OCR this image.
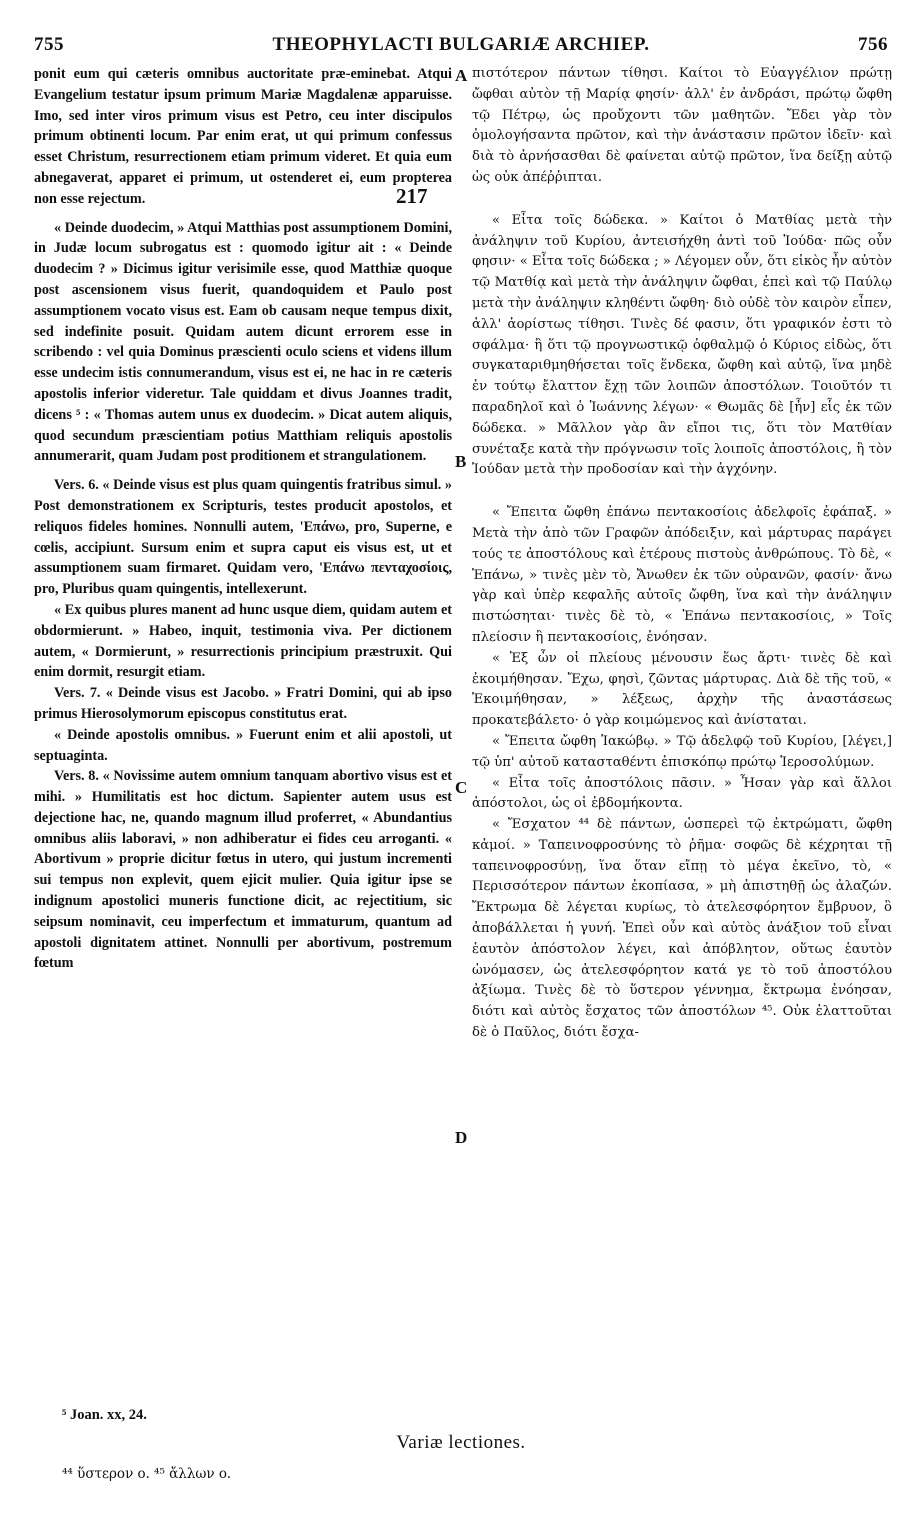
755	THEOPHYLACTI BULGARIÆ ARCHIEP.	756

ponit eum qui cæteris omnibus auctoritate præ-eminebat. Atqui Evangelium testatur ipsum primum Mariæ Magdalenæ apparuisse. Imo, sed inter viros primum visus est Petro, ceu inter discipulos primum obtinenti locum. Par enim erat, ut qui primum confessus esset Christum, resurrectionem etiam primum videret. Et quia eum abnegaverat, apparet ei primum, ut ostenderet ei, eum propterea non esse rejectum.

« Deinde duodecim, » Atqui Matthias post assumptionem Domini, in Judæ locum subrogatus est : quomodo igitur ait : « Deinde duodecim ? » Dicimus igitur verisimile esse, quod Matthiæ quoque post ascensionem visus fuerit, quandoquidem et Paulo post assumptionem vocato visus est. Eam ob causam neque tempus dixit, sed indefinite posuit. Quidam autem dicunt errorem esse in scribendo : vel quia Dominus præscienti oculo sciens et videns illum esse undecim istis connumerandum, visus est ei, ne hac in re cæteris apostolis inferior videretur. Tale quiddam et divus Joannes tradit, dicens ⁵ : « Thomas autem unus ex duodecim. » Dicat autem aliquis, quod secundum præscientiam potius Matthiam reliquis apostolis annumerarit, quam Judam post proditionem et strangulationem.

Vers. 6. « Deinde visus est plus quam quingentis fratribus simul. » Post demonstrationem ex Scripturis, testes producit apostolos, et reliquos fideles homines. Nonnulli autem, 'Επάνω, pro, Superne, e cœlis, accipiunt. Sursum enim et supra caput eis visus est, ut et assumptionem suam firmaret. Quidam vero, 'Επάνω πενταχοσίοις, pro, Pluribus quam quingentis, intellexerunt.

« Ex quibus plures manent ad hunc usque diem, quidam autem et obdormierunt. » Habeo, inquit, testimonia viva. Per dictionem autem, « Dormierunt, » resurrectionis principium præstruxit. Qui enim dormit, resurgit etiam.

Vers. 7. « Deinde visus est Jacobo. » Fratri Domini, qui ab ipso primus Hierosolymorum episcopus constitutus erat.

« Deinde apostolis omnibus. » Fuerunt enim et alii apostoli, ut septuaginta.

Vers. 8. « Novissime autem omnium tanquam abortivo visus est et mihi. » Humilitatis est hoc dictum. Sapienter autem usus est dejectione hac, ne, quando magnum illud proferret, « Abundantius omnibus aliis laboravi, » non adhiberatur ei fides ceu arroganti. « Abortivum » proprie dicitur fœtus in utero, qui justum incrementi sui tempus non explevit, quem ejicit mulier. Quia igitur ipse se indignum apostolici muneris functione dicit, ac rejectitium, sic seipsum nominavit, ceu imperfectum et immaturum, quantum ad apostoli dignitatem attinet. Nonnulli per abortivum, postremum fœtum

πιστότερον πάντων τίθησι. Καίτοι τὸ Εὐαγγέλιον πρώτῃ ὤφθαι αὐτὸν τῇ Μαρίᾳ φησίν· ἀλλ' ἐν ἀνδράσι, πρώτῳ ὤφθη τῷ Πέτρῳ, ὡς προὔχοντι τῶν μαθητῶν. Ἔδει γὰρ τὸν ὁμολογήσαντα πρῶτον, καὶ τὴν ἀνάστασιν πρῶτον ἰδεῖν· καὶ διὰ τὸ ἀρνήσασθαι δὲ φαίνεται αὐτῷ πρῶτον, ἵνα δείξῃ αὐτῷ ὡς οὐκ ἀπέῤῥιπται.

« Εἶτα τοῖς δώδεκα. » Καίτοι ὁ Ματθίας μετὰ τὴν ἀνάληψιν τοῦ Κυρίου, ἀντεισήχθη ἀντὶ τοῦ Ἰούδα· πῶς οὖν φησιν· « Εἶτα τοῖς δώδεκα ; » Λέγομεν οὖν, ὅτι εἰκὸς ἦν αὐτὸν τῷ Ματθίᾳ καὶ μετὰ τὴν ἀνάληψιν ὤφθαι, ἐπεὶ καὶ τῷ Παύλῳ μετὰ τὴν ἀνάληψιν κληθέντι ὤφθη· διὸ οὐδὲ τὸν καιρὸν εἶπεν, ἀλλ' ἀορίστως τίθησι. Τινὲς δέ φασιν, ὅτι γραφικόν ἐστι τὸ σφάλμα· ἢ ὅτι τῷ προγνωστικῷ ὀφθαλμῷ ὁ Κύριος εἰδὼς, ὅτι συγκαταριθμηθήσεται τοῖς ἕνδεκα, ὤφθη καὶ αὐτῷ, ἵνα μηδὲ ἐν τούτῳ ἔλαττον ἔχῃ τῶν λοιπῶν ἀποστόλων. Τοιοῦτόν τι παραδηλοῖ καὶ ὁ Ἰωάννης λέγων· « Θωμᾶς δὲ [ἦν] εἷς ἐκ τῶν δώδεκα. » Μᾶλλον γὰρ ἂν εἴποι τις, ὅτι τὸν Ματθίαν συνέταξε κατὰ τὴν πρόγνωσιν τοῖς λοιποῖς ἀποστόλοις, ἢ τὸν Ἰούδαν μετὰ τὴν προδοσίαν καὶ τὴν ἀγχόνην.

« Ἔπειτα ὤφθη ἐπάνω πεντακοσίοις ἀδελφοῖς ἐφάπαξ. » Μετὰ τὴν ἀπὸ τῶν Γραφῶν ἀπόδειξιν, καὶ μάρτυρας παράγει τούς τε ἀποστόλους καὶ ἑτέρους πιστοὺς ἀνθρώπους. Τὸ δὲ, « Ἐπάνω, » τινὲς μὲν τὸ, Ἄνωθεν ἐκ τῶν οὐρανῶν, φασίν· ἄνω γὰρ καὶ ὑπὲρ κεφαλῆς αὐτοῖς ὤφθη, ἵνα καὶ τὴν ἀνάληψιν πιστώσηται· τινὲς δὲ τὸ, « Ἐπάνω πεντακοσίοις, » Τοῖς πλείοσιν ἢ πεντακοσίοις, ἐνόησαν.

« Ἐξ ὧν οἱ πλείους μένουσιν ἕως ἄρτι· τινὲς δὲ καὶ ἐκοιμήθησαν. Ἔχω, φησὶ, ζῶντας μάρτυρας. Διὰ δὲ τῆς τοῦ, « Ἐκοιμήθησαν, » λέξεως, ἀρχὴν τῆς ἀναστάσεως προκατεβάλετο· ὁ γὰρ κοιμώμενος καὶ ἀνίσταται.

« Ἔπειτα ὤφθη Ἰακώβῳ. » Τῷ ἀδελφῷ τοῦ Κυρίου, [λέγει,] τῷ ὑπ' αὐτοῦ κατασταθέντι ἐπισκόπῳ πρώτῳ Ἱεροσολύμων.

« Εἶτα τοῖς ἀποστόλοις πᾶσιν. » Ἦσαν γὰρ καὶ ἄλλοι ἀπόστολοι, ὡς οἱ ἑβδομήκοντα.

« Ἔσχατον ⁴⁴ δὲ πάντων, ὡσπερεὶ τῷ ἐκτρώματι, ὤφθη κἀμοί. » Ταπεινοφροσύνης τὸ ῥῆμα· σοφῶς δὲ κέχρηται τῇ ταπεινοφροσύνῃ, ἵνα ὅταν εἴπῃ τὸ μέγα ἐκεῖνο, τὸ, « Περισσότερον πάντων ἐκοπίασα, » μὴ ἀπιστηθῇ ὡς ἀλαζών. Ἔκτρωμα δὲ λέγεται κυρίως, τὸ ἀτελεσφόρητον ἔμβρυον, ὃ ἀποβάλλεται ἡ γυνή. Ἐπεὶ οὖν καὶ αὐτὸς ἀνάξιον τοῦ εἶναι ἑαυτὸν ἀπόστολον λέγει, καὶ ἀπόβλητον, οὕτως ἑαυτὸν ὠνόμασεν, ὡς ἀτελεσφόρητον κατά γε τὸ τοῦ ἀποστόλου ἀξίωμα. Τινὲς δὲ τὸ ὕστερον γέννημα, ἔκτρωμα ἐνόησαν, διότι καὶ αὐτὸς ἔσχατος τῶν ἀποστόλων ⁴⁵. Οὐκ ἐλαττοῦται δὲ ὁ Παῦλος, διότι ἔσχα-

A
B
C
D
217
⁵ Joan. xx, 24.
Variæ lectiones.
⁴⁴ ὕστερον o. ⁴⁵ ἄλλων o.
